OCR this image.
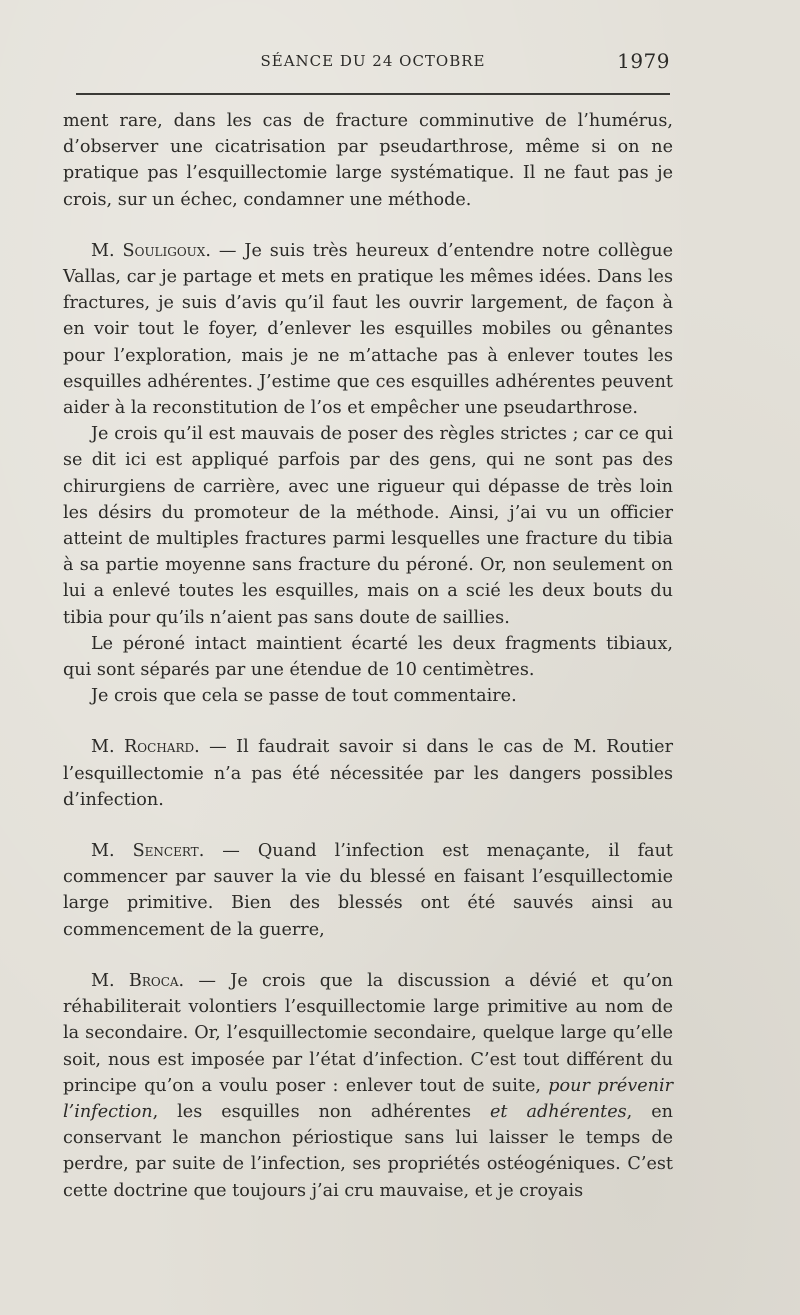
SÉANCE DU 24 OCTOBRE	1979

ment rare, dans les cas de fracture comminutive de l’humérus, d’observer une cicatrisation par pseudarthrose, même si on ne pratique pas l’esquillectomie large systématique. Il ne faut pas je crois, sur un échec, condamner une méthode.

M. Souligoux. — Je suis très heureux d’entendre notre collègue Vallas, car je partage et mets en pratique les mêmes idées. Dans les fractures, je suis d’avis qu’il faut les ouvrir largement, de façon à en voir tout le foyer, d’enlever les esquilles mobiles ou gênantes pour l’exploration, mais je ne m’attache pas à enlever toutes les esquilles adhérentes. J’estime que ces esquilles adhérentes peuvent aider à la reconstitution de l’os et empêcher une pseudarthrose.

Je crois qu’il est mauvais de poser des règles strictes ; car ce qui se dit ici est appliqué parfois par des gens, qui ne sont pas des chirurgiens de carrière, avec une rigueur qui dépasse de très loin les désirs du promoteur de la méthode. Ainsi, j’ai vu un officier atteint de multiples fractures parmi lesquelles une fracture du tibia à sa partie moyenne sans fracture du péroné. Or, non seulement on lui a enlevé toutes les esquilles, mais on a scié les deux bouts du tibia pour qu’ils n’aient pas sans doute de saillies.

Le péroné intact maintient écarté les deux fragments tibiaux, qui sont séparés par une étendue de 10 centimètres.

Je crois que cela se passe de tout commentaire.

M. Rochard. — Il faudrait savoir si dans le cas de M. Routier l’esquillectomie n’a pas été nécessitée par les dangers possibles d’infection.

M. Sencert. — Quand l’infection est menaçante, il faut commencer par sauver la vie du blessé en faisant l’esquillectomie large primitive. Bien des blessés ont été sauvés ainsi au commencement de la guerre,

M. Broca. — Je crois que la discussion a dévié et qu’on réhabiliterait volontiers l’esquillectomie large primitive au nom de la secondaire. Or, l’esquillectomie secondaire, quelque large qu’elle soit, nous est imposée par l’état d’infection. C’est tout différent du principe qu’on a voulu poser : enlever tout de suite, pour prévenir l’infection, les esquilles non adhérentes et adhérentes, en conservant le manchon périostique sans lui laisser le temps de perdre, par suite de l’infection, ses propriétés ostéogéniques. C’est cette doctrine que toujours j’ai cru mauvaise, et je croyais
